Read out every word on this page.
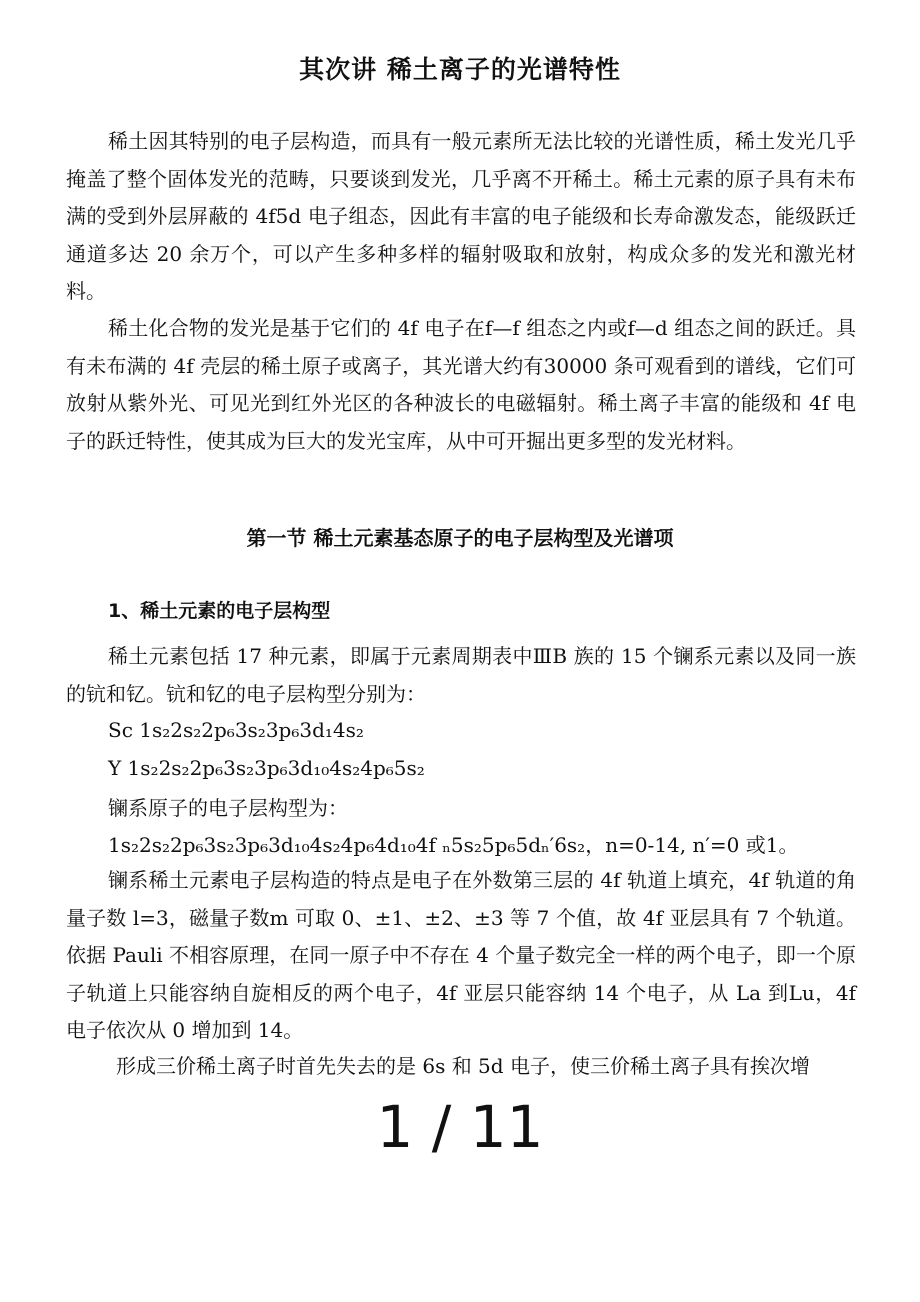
其次讲 稀土离子的光谱特性

稀土因其特别的电子层构造，而具有一般元素所无法比较的光谱性质，稀土发光几乎掩盖了整个固体发光的范畴，只要谈到发光，几乎离不开稀土。稀土元素的原子具有未布满的受到外层屏蔽的 4f5d 电子组态，因此有丰富的电子能级和长寿命激发态，能级跃迁通道多达 20 余万个，可以产生多种多样的辐射吸取和放射，构成众多的发光和激光材料。

稀土化合物的发光是基于它们的 4f 电子在f—f 组态之内或f—d 组态之间的跃迁。具有未布满的 4f 壳层的稀土原子或离子，其光谱大约有30000 条可观看到的谱线，它们可放射从紫外光、可见光到红外光区的各种波长的电磁辐射。稀土离子丰富的能级和 4f 电子的跃迁特性，使其成为巨大的发光宝库，从中可开掘出更多型的发光材料。

第一节 稀土元素基态原子的电子层构型及光谱项
1、稀土元素的电子层构型

稀土元素包括 17 种元素，即属于元素周期表中ⅢB 族的 15 个镧系元素以及同一族的钪和钇。钪和钇的电子层构型分别为：

Sc 1s₂2s₂2p₆3s₂3p₆3d₁4s₂
Y 1s₂2s₂2p₆3s₂3p₆3d₁₀4s₂4p₆5s₂
镧系原子的电子层构型为：
1s₂2s₂2p₆3s₂3p₆3d₁₀4s₂4p₆4d₁₀4f ₙ5s₂5p₆5dₙ′6s₂，n=0-14, n′=0 或1。

镧系稀土元素电子层构造的特点是电子在外数第三层的 4f 轨道上填充，4f 轨道的角量子数 l=3，磁量子数m 可取 0、±1、±2、±3 等 7 个值，故 4f 亚层具有 7 个轨道。依据 Pauli 不相容原理，在同一原子中不存在 4 个量子数完全一样的两个电子，即一个原子轨道上只能容纳自旋相反的两个电子，4f 亚层只能容纳 14 个电子，从 La 到Lu，4f 电子依次从 0 增加到 14。

形成三价稀土离子时首先失去的是 6s 和 5d 电子，使三价稀土离子具有挨次增

1 / 11
